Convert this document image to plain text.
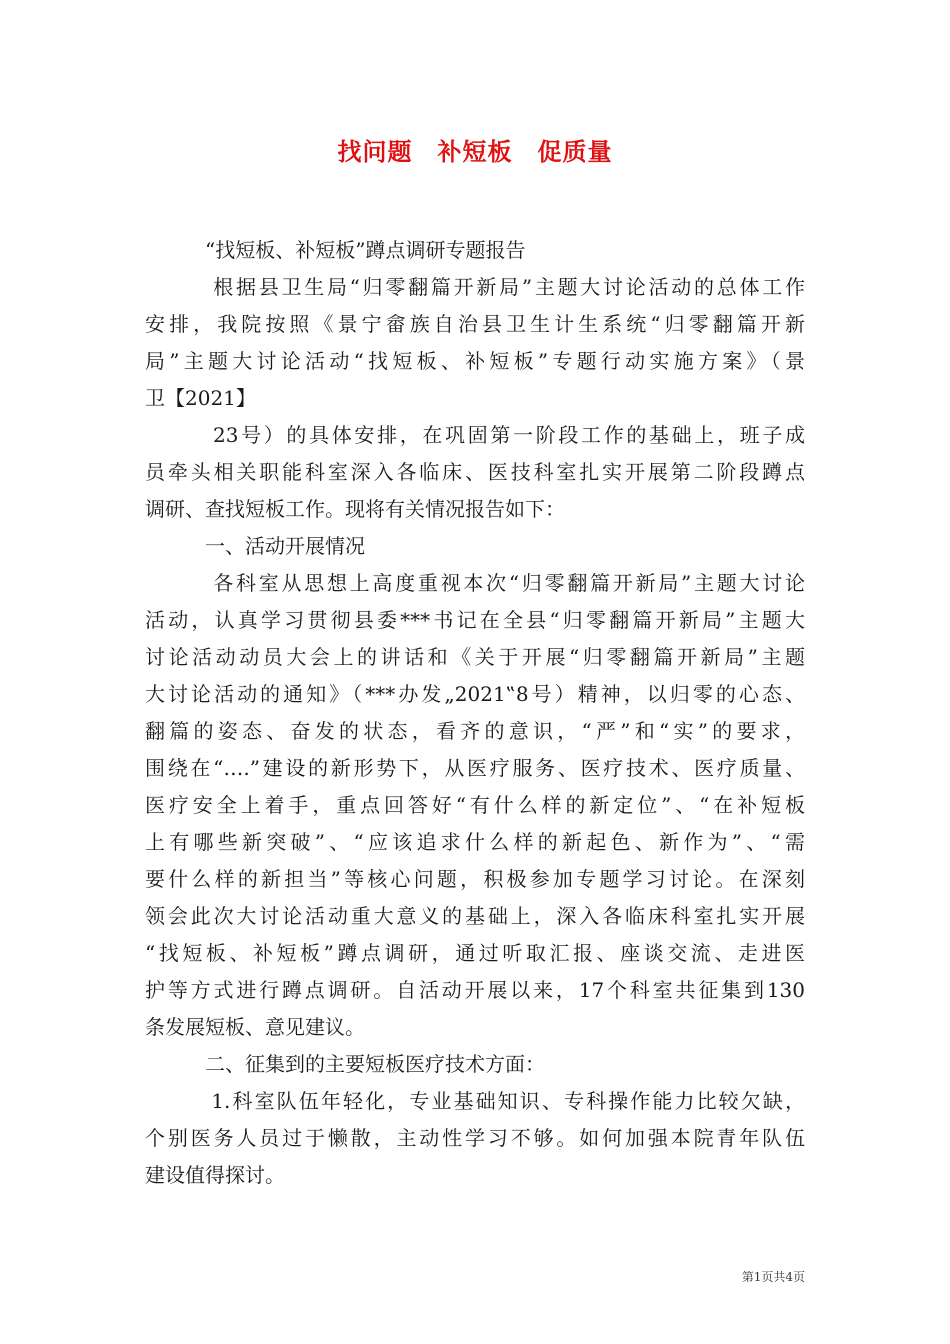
找问题　补短板　促质量
　　　“找短板、补短板”蹲点调研专题报告
　　　根据县卫生局“归零翻篇开新局”主题大讨论活动的总体工作
安排，我院按照《景宁畲族自治县卫生计生系统“归零翻篇开新
局”主题大讨论活动“找短板、补短板”专题行动实施方案》（景
卫【2021】
　　　23号）的具体安排，在巩固第一阶段工作的基础上，班子成
员牵头相关职能科室深入各临床、医技科室扎实开展第二阶段蹲点
调研、查找短板工作。现将有关情况报告如下：
　　　一、活动开展情况
　　　各科室从思想上高度重视本次“归零翻篇开新局”主题大讨论
活动，认真学习贯彻县委***书记在全县“归零翻篇开新局”主题大
讨论活动动员大会上的讲话和《关于开展“归零翻篇开新局”主题
大讨论活动的通知》（***办发„2021‟8号）精神，以归零的心态、
翻篇的姿态、奋发的状态，看齐的意识，“严”和“实”的要求，
围绕在“….”建设的新形势下，从医疗服务、医疗技术、医疗质量、
医疗安全上着手，重点回答好“有什么样的新定位”、“在补短板
上有哪些新突破”、“应该追求什么样的新起色、新作为”、“需
要什么样的新担当”等核心问题，积极参加专题学习讨论。在深刻
领会此次大讨论活动重大意义的基础上，深入各临床科室扎实开展
“找短板、补短板”蹲点调研，通过听取汇报、座谈交流、走进医
护等方式进行蹲点调研。自活动开展以来，17个科室共征集到130
条发展短板、意见建议。
　　　二、征集到的主要短板医疗技术方面：
　　　1.科室队伍年轻化，专业基础知识、专科操作能力比较欠缺，
个别医务人员过于懒散，主动性学习不够。如何加强本院青年队伍
建设值得探讨。
第1页共4页
